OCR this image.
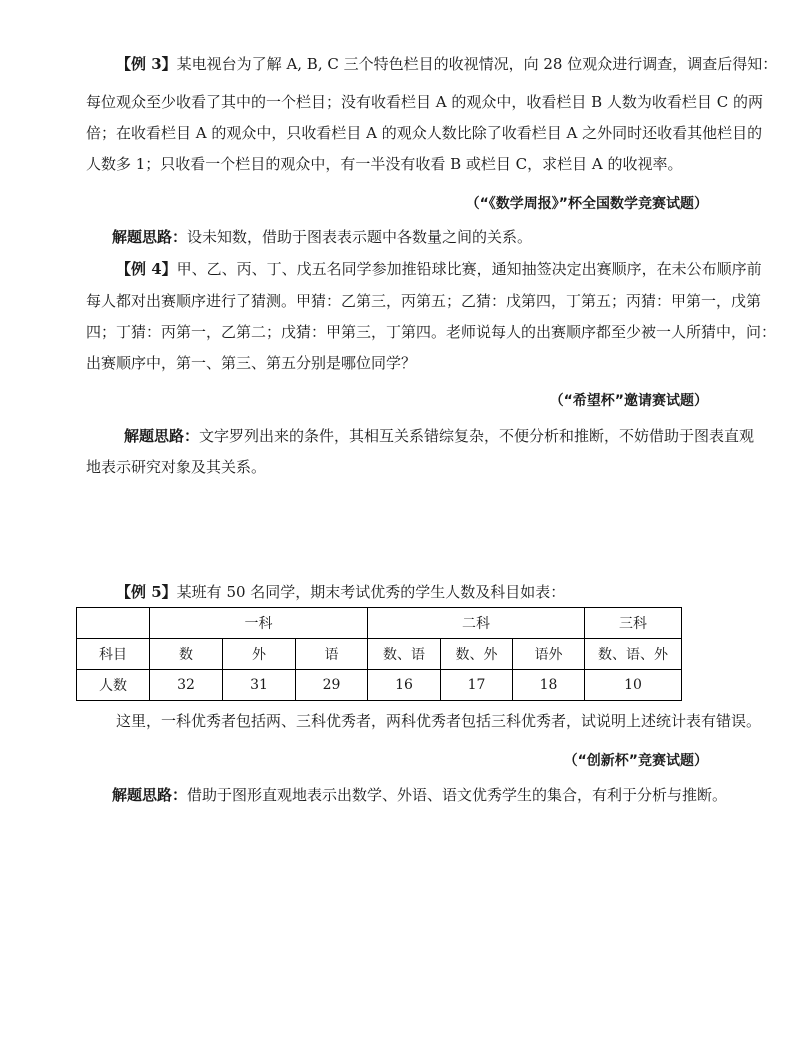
【例 3】某电视台为了解 A, B, C 三个特色栏目的收视情况，向 28 位观众进行调查，调查后得知：
每位观众至少收看了其中的一个栏目；没有收看栏目 A 的观众中，收看栏目 B 人数为收看栏目 C 的两
倍；在收看栏目 A 的观众中，只收看栏目 A 的观众人数比除了收看栏目 A 之外同时还收看其他栏目的
人数多 1；只收看一个栏目的观众中，有一半没有收看 B 或栏目 C，求栏目 A 的收视率。
（“《数学周报》”杯全国数学竞赛试题）
解题思路：设未知数，借助于图表表示题中各数量之间的关系。
【例 4】甲、乙、丙、丁、戊五名同学参加推铅球比赛，通知抽签决定出赛顺序，在未公布顺序前
每人都对出赛顺序进行了猜测。甲猜：乙第三，丙第五；乙猜：戊第四，丁第五；丙猜：甲第一，戊第
四；丁猜：丙第一，乙第二；戊猜：甲第三，丁第四。老师说每人的出赛顺序都至少被一人所猜中，问：
出赛顺序中，第一、第三、第五分别是哪位同学？
（“希望杯”邀请赛试题）
解题思路：文字罗列出来的条件，其相互关系错综复杂，不便分析和推断，不妨借助于图表直观
地表示研究对象及其关系。
【例 5】某班有 50 名同学，期末考试优秀的学生人数及科目如表：
	一科			二科			三科
科目	数	外	语	数、语	数、外	语外	数、语、外
人数	32	31	29	16	17	18	10
这里，一科优秀者包括两、三科优秀者，两科优秀者包括三科优秀者，试说明上述统计表有错误。
（“创新杯”竞赛试题）
解题思路：借助于图形直观地表示出数学、外语、语文优秀学生的集合，有利于分析与推断。
